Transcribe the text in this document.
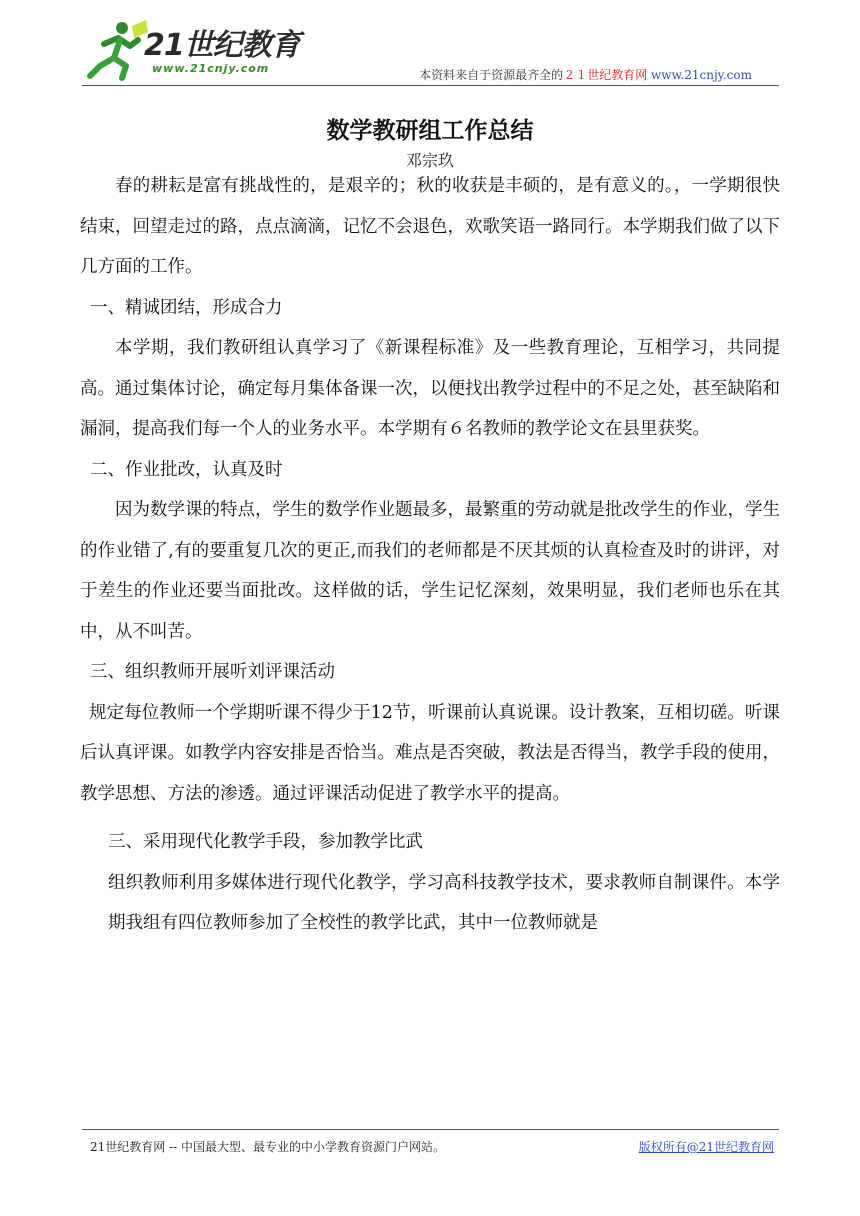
21世纪教育
www.21cnjy.com	本资料来自于资源最齐全的２１世纪教育网 www.21cnjy.com
数学教研组工作总结
邓宗玖

春的耕耘是富有挑战性的，是艰辛的；秋的收获是丰硕的，是有意义的。，一学期很快结束，回望走过的路，点点滴滴，记忆不会退色，欢歌笑语一路同行。本学期我们做了以下几方面的工作。

一、精诚团结，形成合力

本学期，我们教研组认真学习了《新课程标准》及一些教育理论，互相学习，共同提高。通过集体讨论，确定每月集体备课一次，以便找出教学过程中的不足之处，甚至缺陷和漏洞，提高我们每一个人的业务水平。本学期有６名教师的教学论文在县里获奖。

二、作业批改，认真及时

因为数学课的特点，学生的数学作业题最多，最繁重的劳动就是批改学生的作业，学生的作业错了,有的要重复几次的更正,而我们的老师都是不厌其烦的认真检查及时的讲评，对于差生的作业还要当面批改。这样做的话，学生记忆深刻，效果明显，我们老师也乐在其中，从不叫苦。

三、组织教师开展听刘评课活动

规定每位教师一个学期听课不得少于12节，听课前认真说课。设计教案，互相切磋。听课后认真评课。如教学内容安排是否恰当。难点是否突破，教法是否得当，教学手段的使用，教学思想、方法的渗透。通过评课活动促进了教学水平的提高。

三、采用现代化教学手段，参加教学比武

组织教师利用多媒体进行现代化教学，学习高科技教学技术，要求教师自制课件。本学期我组有四位教师参加了全校性的教学比武，其中一位教师就是

21世纪教育网 -- 中国最大型、最专业的中小学教育资源门户网站。	版权所有@21世纪教育网
